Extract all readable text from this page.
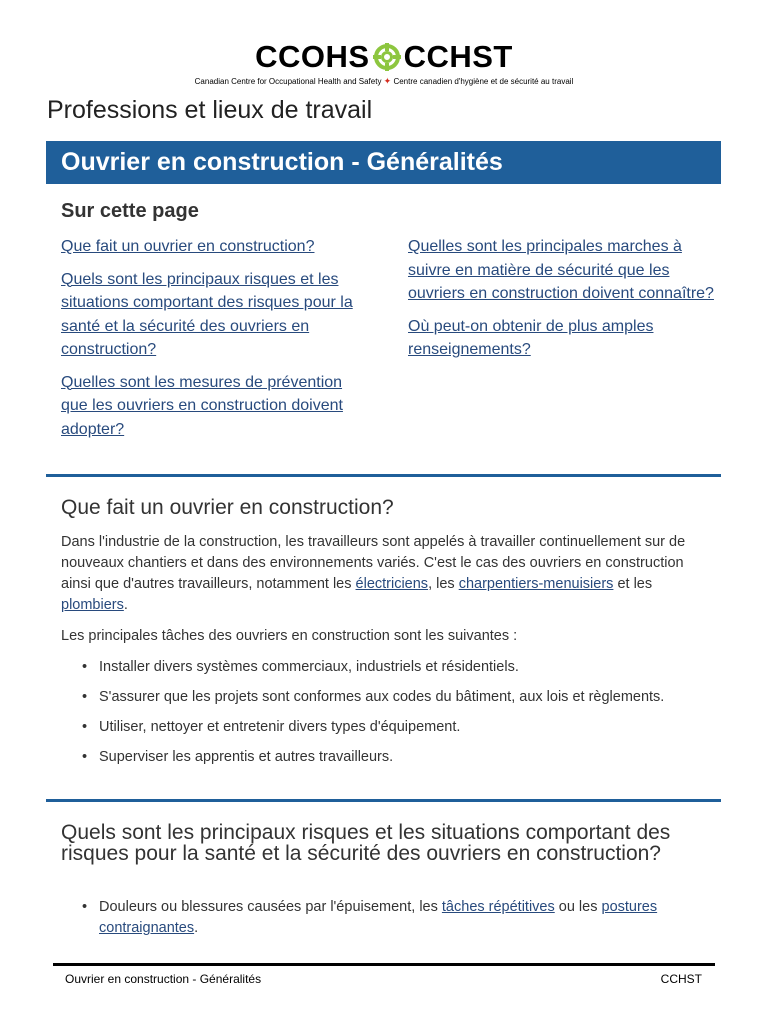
CCOHS CCHST
Canadian Centre for Occupational Health and Safety ✦ Centre canadien d'hygiène et de sécurité au travail
Professions et lieux de travail
Ouvrier en construction - Généralités
Sur cette page
Que fait un ouvrier en construction?
Quels sont les principaux risques et les situations comportant des risques pour la santé et la sécurité des ouvriers en construction?
Quelles sont les mesures de prévention que les ouvriers en construction doivent adopter?
Quelles sont les principales marches à suivre en matière de sécurité que les ouvriers en construction doivent connaître?
Où peut-on obtenir de plus amples renseignements?
Que fait un ouvrier en construction?

Dans l'industrie de la construction, les travailleurs sont appelés à travailler continuellement sur de nouveaux chantiers et dans des environnements variés. C'est le cas des ouvriers en construction ainsi que d'autres travailleurs, notamment les électriciens, les charpentiers-menuisiers et les plombiers.

Les principales tâches des ouvriers en construction sont les suivantes :

• Installer divers systèmes commerciaux, industriels et résidentiels.
• S'assurer que les projets sont conformes aux codes du bâtiment, aux lois et règlements.
• Utiliser, nettoyer et entretenir divers types d'équipement.
• Superviser les apprentis et autres travailleurs.
Quels sont les principaux risques et les situations comportant des risques pour la santé et la sécurité des ouvriers en construction?
• Douleurs ou blessures causées par l'épuisement, les tâches répétitives ou les postures contraignantes.
Ouvrier en construction - Généralités	CCHST
